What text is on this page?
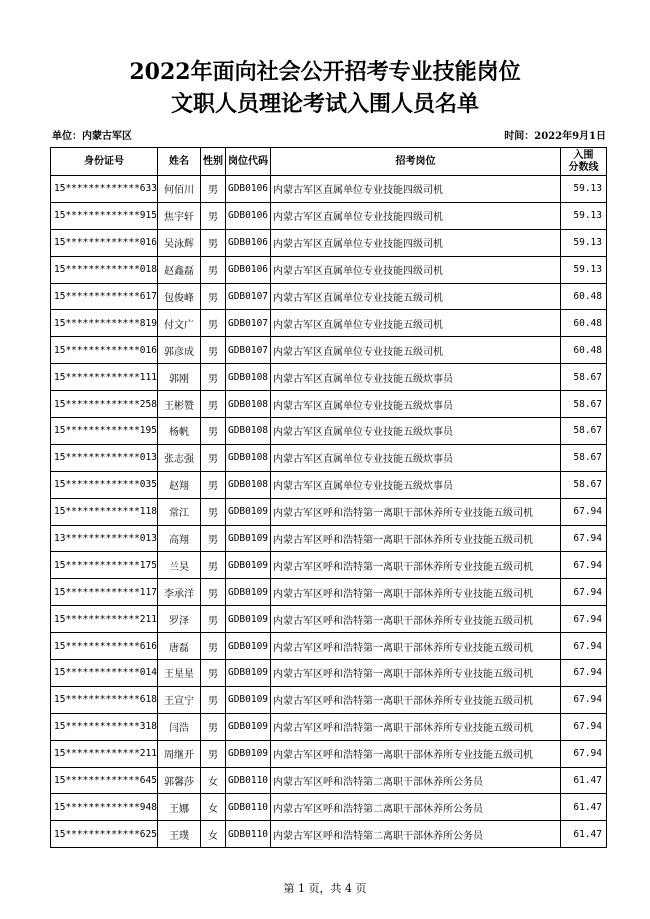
2022年面向社会公开招考专业技能岗位
文职人员理论考试入围人员名单
单位：内蒙古军区	时间：2022年9月1日
身份证号	姓名	性别	岗位代码	招考岗位	入围
分数线

15*************633	何佰川	男	GDB0106	内蒙古军区直属单位专业技能四级司机	59.13
15*************915	焦宇轩	男	GDB0106	内蒙古军区直属单位专业技能四级司机	59.13
15*************016	吴泳辉	男	GDB0106	内蒙古军区直属单位专业技能四级司机	59.13
15*************018	赵鑫磊	男	GDB0106	内蒙古军区直属单位专业技能四级司机	59.13
15*************617	包俊峰	男	GDB0107	内蒙古军区直属单位专业技能五级司机	60.48
15*************819	付文广	男	GDB0107	内蒙古军区直属单位专业技能五级司机	60.48
15*************016	郭彦成	男	GDB0107	内蒙古军区直属单位专业技能五级司机	60.48
15*************111	郭刚	男	GDB0108	内蒙古军区直属单位专业技能五级炊事员	58.67
15*************258	王彬赞	男	GDB0108	内蒙古军区直属单位专业技能五级炊事员	58.67
15*************195	杨帆	男	GDB0108	内蒙古军区直属单位专业技能五级炊事员	58.67
15*************013	张志强	男	GDB0108	内蒙古军区直属单位专业技能五级炊事员	58.67
15*************035	赵翔	男	GDB0108	内蒙古军区直属单位专业技能五级炊事员	58.67
15*************118	常江	男	GDB0109	内蒙古军区呼和浩特第一离职干部休养所专业技能五级司机	67.94
13*************013	高翔	男	GDB0109	内蒙古军区呼和浩特第一离职干部休养所专业技能五级司机	67.94
15*************175	兰昊	男	GDB0109	内蒙古军区呼和浩特第一离职干部休养所专业技能五级司机	67.94
15*************117	李承洋	男	GDB0109	内蒙古军区呼和浩特第一离职干部休养所专业技能五级司机	67.94
15*************211	罗泽	男	GDB0109	内蒙古军区呼和浩特第一离职干部休养所专业技能五级司机	67.94
15*************616	唐磊	男	GDB0109	内蒙古军区呼和浩特第一离职干部休养所专业技能五级司机	67.94
15*************014	王星星	男	GDB0109	内蒙古军区呼和浩特第一离职干部休养所专业技能五级司机	67.94
15*************618	王宣宁	男	GDB0109	内蒙古军区呼和浩特第一离职干部休养所专业技能五级司机	67.94
15*************318	闫浩	男	GDB0109	内蒙古军区呼和浩特第一离职干部休养所专业技能五级司机	67.94
15*************211	周继开	男	GDB0109	内蒙古军区呼和浩特第一离职干部休养所专业技能五级司机	67.94
15*************645	郭馨莎	女	GDB0110	内蒙古军区呼和浩特第二离职干部休养所公务员	61.47
15*************948	王娜	女	GDB0110	内蒙古军区呼和浩特第二离职干部休养所公务员	61.47
15*************625	王璞	女	GDB0110	内蒙古军区呼和浩特第二离职干部休养所公务员	61.47
第 1 页，共 4 页
